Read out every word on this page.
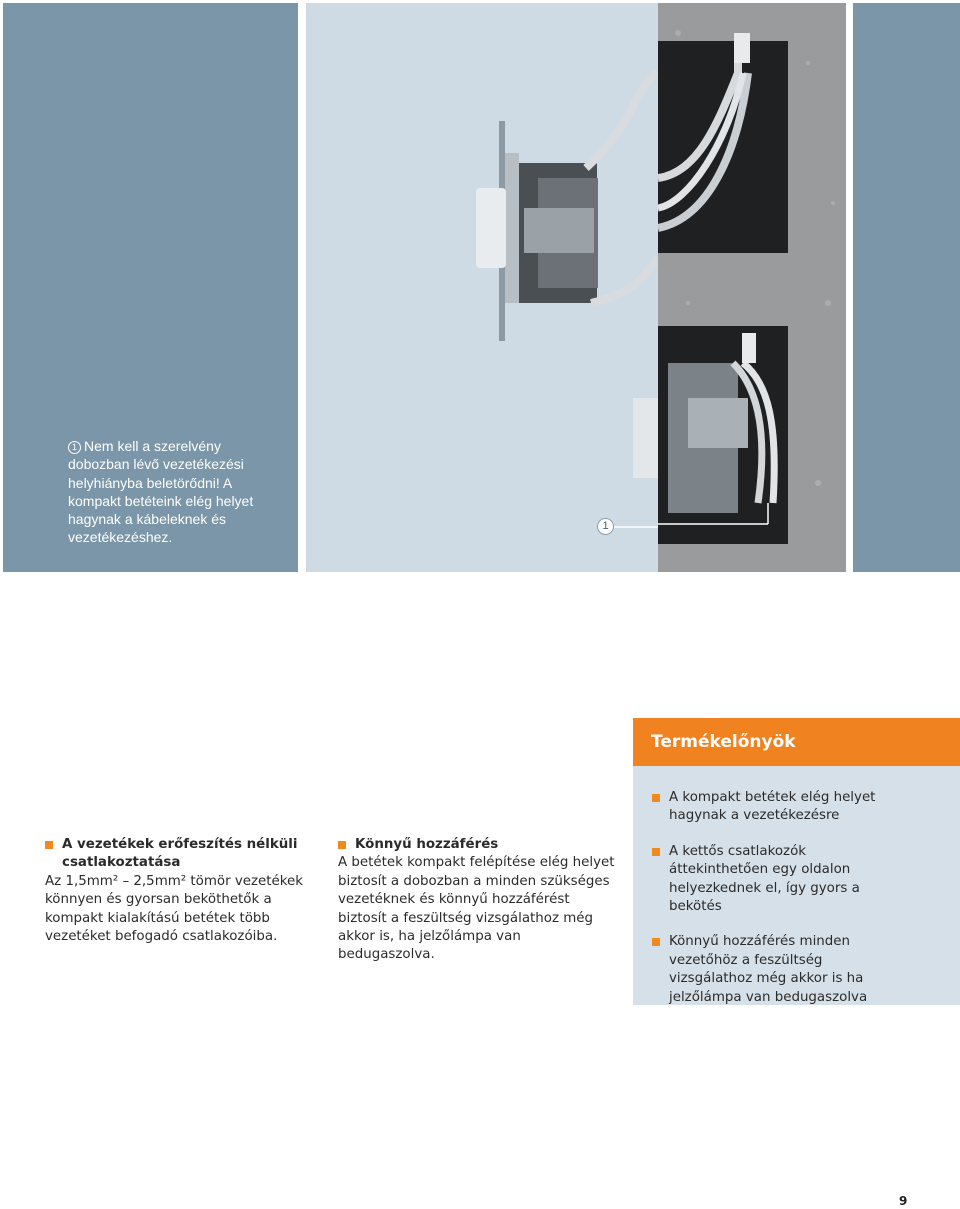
1 Nem kell a szerelvény dobozban lévő vezetékezési helyhiányba beletörődni! A kompakt betéteink elég helyet hagynak a kábeleknek és vezetékezéshez.
1
A vezetékek erőfeszítés nélküli csatlakoztatása

Az 1,5mm² – 2,5mm² tömör vezetékek könnyen és gyorsan beköthetők a kompakt kialakítású betétek több vezetéket befogadó csatlakozóiba.

Könnyű hozzáférés

A betétek kompakt felépítése elég helyet biztosít a dobozban a minden szükséges vezetéknek és könnyű hozzáférést biztosít a feszültség vizsgálathoz még akkor is, ha jelzőlámpa van bedugaszolva.

Termékelőnyök
A kompakt betétek elég helyet hagynak a vezetékezésre
A kettős csatlakozók áttekinthetően egy oldalon helyezkednek el, így gyors a bekötés
Könnyű hozzáférés minden vezetőhöz a feszültség vizsgálathoz még akkor is ha jelzőlámpa van bedugaszolva
9
